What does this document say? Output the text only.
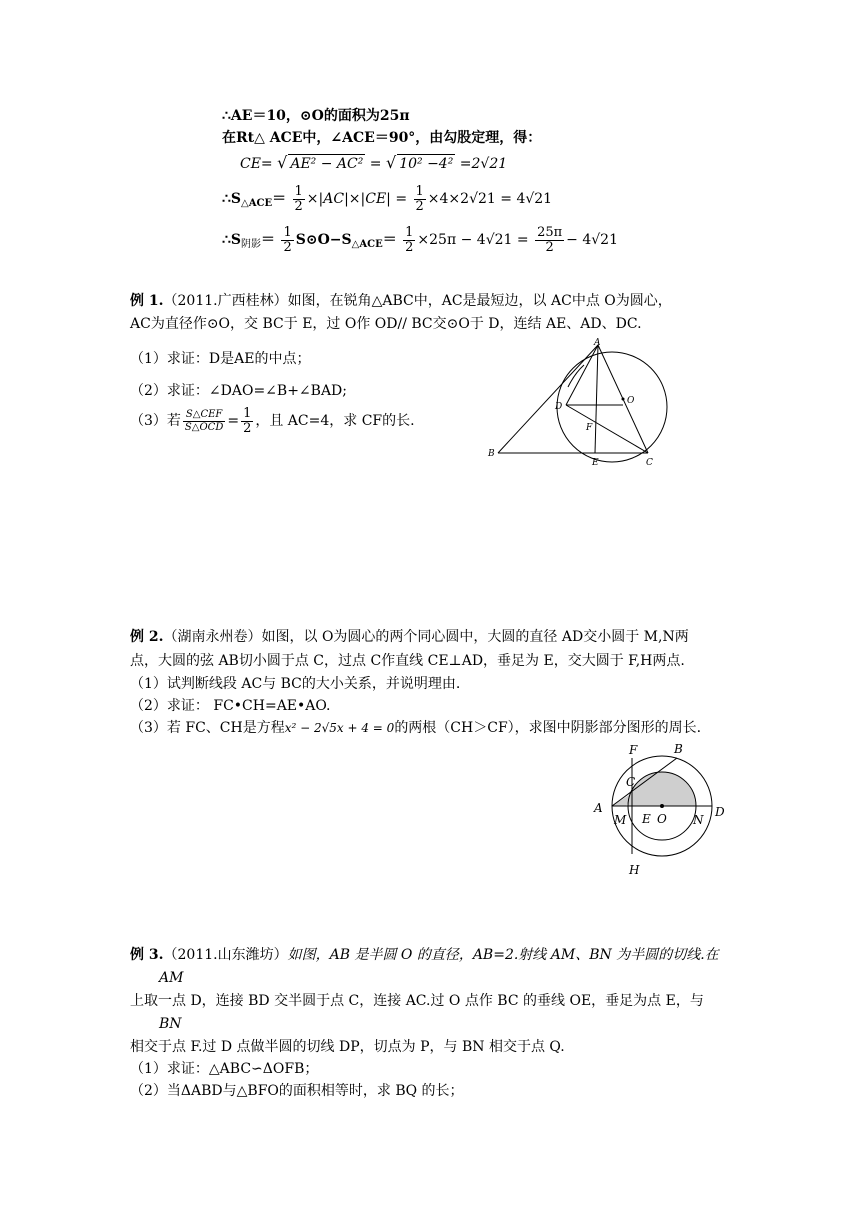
∴AE＝10，⊙O的面积为25π
在Rt△ ACE中，∠ACE＝90°，由勾股定理，得：
CE= √ AE² − AC² = √ 10² −4² =2√21
$\therefore S_{\triangle ACE}= \frac{1}{2} \times|AC|\times|CE| = \frac{1}{2} \times 4\times 2√21 = 4√21$
$\therefore S_{阴影}= \frac{1}{2}$ $S⊙O-S_{\triangle ACE}= \frac{1}{2} \times 25\pi - 4√21 = \frac{25\pi}{2} - 4√21$
例 1.（2011.广西桂林）如图，在锐角△ABC中，AC是最短边，以 AC中点 O为圆心，
AC为直径作⊙O，交 BC于 E，过 O作 OD// BC交⊙O于 D，连结 AE、AD、DC.
（1）求证：D是AE的中点；
（2）求证：∠DAO=∠B+∠BAD;
（3）若 $\frac{\text{S△CEF}}{\text{S△OCD}} = \frac{1}{2}$ ，且 AC=4，求 CF的长.
A
O
D
F
B
E	C
例 2.（湖南永州卷）如图，以 O为圆心的两个同心圆中，大圆的直径 AD交小圆于 M,N两
点，大圆的弦 AB切小圆于点 C，过点 C作直线 CE⊥AD，垂足为 E，交大圆于 F,H两点.
（1）试判断线段 AC与 BC的大小关系，并说明理由.
（2）求证： FC•CH=AE•AO.
（3）若 FC、CH是方程x² − 2√5x + 4 = 0的两根（CH＞CF），求图中阴影部分图形的周长.
F	B
C
A	D
M E O N
H
例 3.（2011.山东潍坊）如图，AB 是半圆 O 的直径，AB=2.射线 AM、BN 为半圆的切线.在
AM
上取一点 D，连接 BD 交半圆于点 C，连接 AC.过 O 点作 BC 的垂线 OE，垂足为点 E，与
BN
相交于点 F.过 D 点做半圆的切线 DP，切点为 P，与 BN 相交于点 Q.
（1）求证：△ABC∽ΔOFB；
（2）当ΔABD与△BFO的面积相等时，求 BQ 的长；
